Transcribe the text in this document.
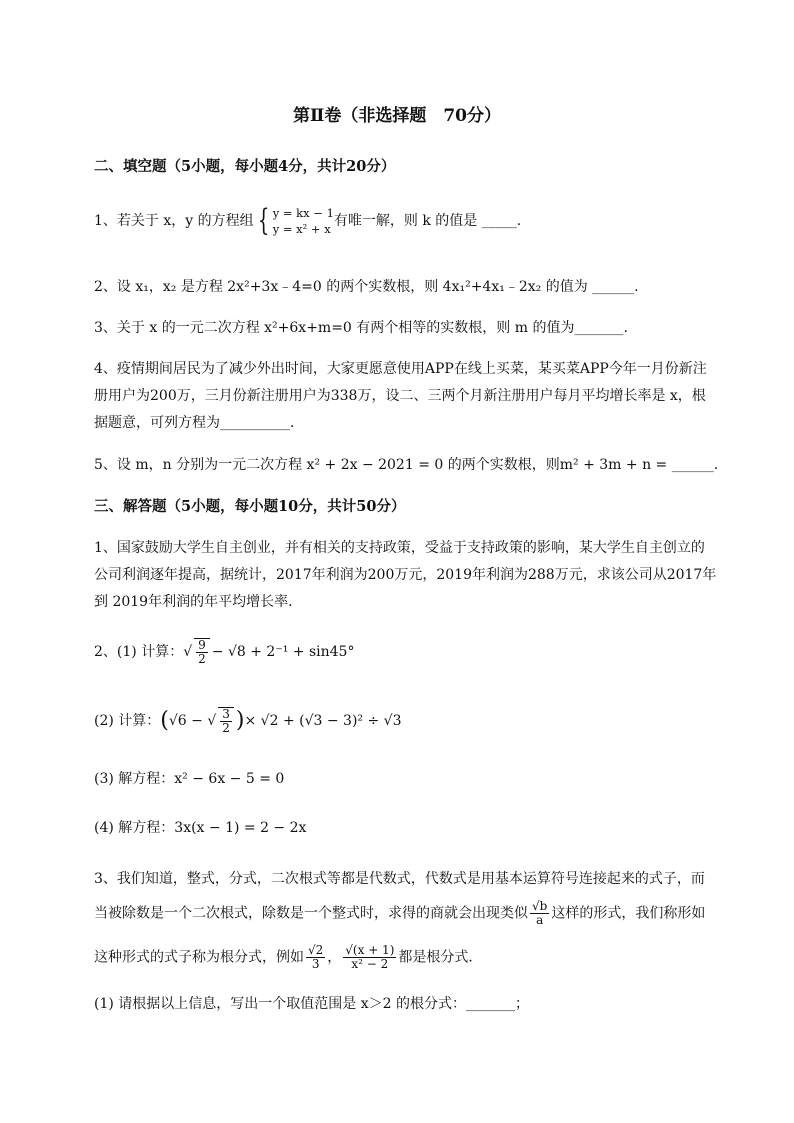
第Ⅱ卷（非选择题　70分）
二、填空题（5小题，每小题4分，共计20分）
1、若关于 x，y 的方程组 { y = kx − 1
y = x² + x 有唯一解，则 k 的值是 _____.
2、设 x₁，x₂ 是方程 2x²+3x﹣4=0 的两个实数根，则 4x₁²+4x₁﹣2x₂ 的值为 ______.
3、关于 x 的一元二次方程 x²+6x+m=0 有两个相等的实数根，则 m 的值为_______.
4、疫情期间居民为了减少外出时间，大家更愿意使用APP在线上买菜，某买菜APP今年一月份新注
册用户为200万，三月份新注册用户为338万，设二、三两个月新注册用户每月平均增长率是 x，根
据题意，可列方程为__________.
5、设 m，n 分别为一元二次方程 x² + 2x − 2021 = 0 的两个实数根，则m² + 3m + n = ______.
三、解答题（5小题，每小题10分，共计50分）
1、国家鼓励大学生自主创业，并有相关的支持政策，受益于支持政策的影响，某大学生自主创立的
公司利润逐年提高，据统计，2017年利润为200万元，2019年利润为288万元，求该公司从2017年
到 2019年利润的年平均增长率．
2、(1) 计算：√ $\frac{9}{2} - √8 + 2^{-1} + \sin 45^\circ$
(2) 计算：(√6 − √ $\frac{3}{2}$ )× √2 + (√3 − 3)² ÷ √3
(3) 解方程：x² − 6x − 5 = 0
(4) 解方程：3x(x − 1) = 2 − 2x
3、我们知道，整式，分式，二次根式等都是代数式，代数式是用基本运算符号连接起来的式子，而
当被除数是一个二次根式，除数是一个整式时，求得的商就会出现类似 $\frac{√b}{a}$ 这样的形式，我们称形如
这种形式的式子称为根分式，例如 $\frac{√2}{3}$ ， $\frac{√(x + 1)}{\text{x² − 2}}$ 都是根分式．
(1) 请根据以上信息，写出一个取值范围是 x＞2 的根分式：_______；
